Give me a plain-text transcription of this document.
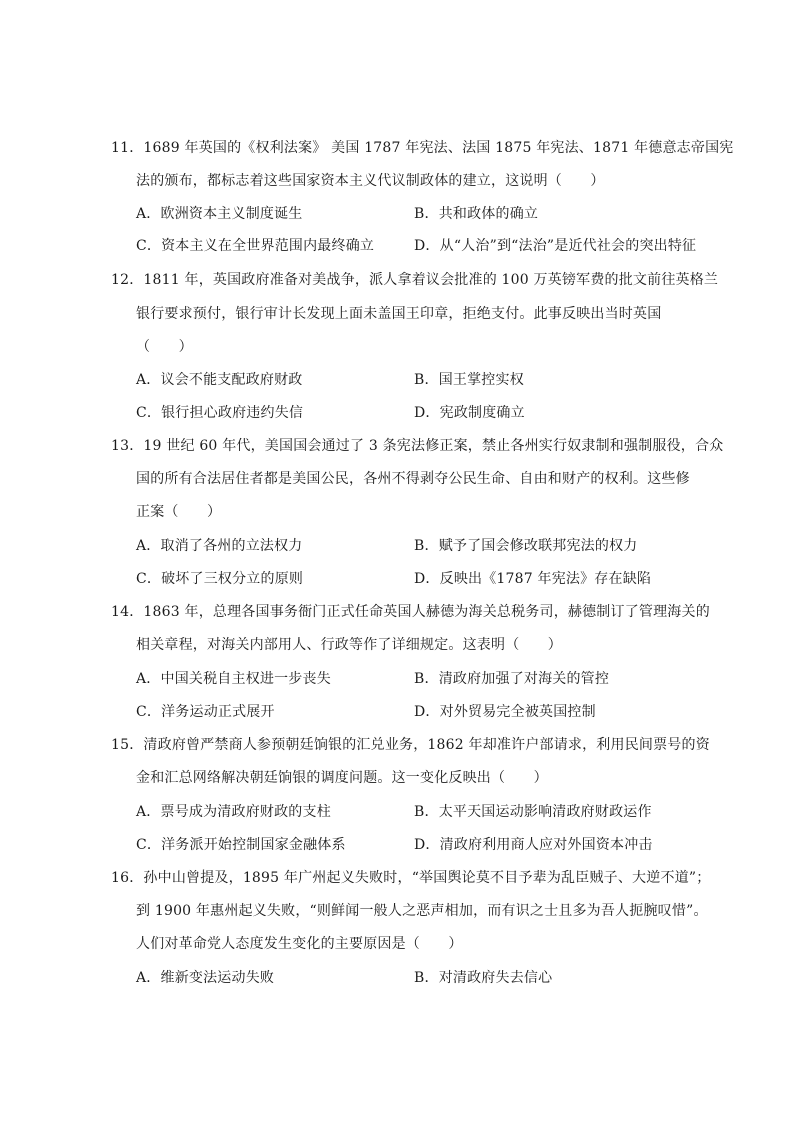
11．1689 年英国的《权利法案》 美国 1787 年宪法、法国 1875 年宪法、1871 年德意志帝国宪
法的颁布，都标志着这些国家资本主义代议制政体的建立，这说明（　　）
A．欧洲资本主义制度诞生	B．共和政体的确立
C．资本主义在全世界范围内最终确立	D．从“人治”到“法治”是近代社会的突出特征
12．1811 年，英国政府准备对美战争，派人拿着议会批准的 100 万英镑军费的批文前往英格兰
银行要求预付，银行审计长发现上面未盖国王印章，拒绝支付。此事反映出当时英国
（　　）
A．议会不能支配政府财政	B．国王掌控实权
C．银行担心政府违约失信	D．宪政制度确立
13．19 世纪 60 年代，美国国会通过了 3 条宪法修正案，禁止各州实行奴隶制和强制服役，合众
国的所有合法居住者都是美国公民，各州不得剥夺公民生命、自由和财产的权利。这些修
正案（　　）
A．取消了各州的立法权力	B．赋予了国会修改联邦宪法的权力
C．破坏了三权分立的原则	D．反映出《1787 年宪法》存在缺陷
14．1863 年，总理各国事务衙门正式任命英国人赫德为海关总税务司，赫德制订了管理海关的
相关章程，对海关内部用人、行政等作了详细规定。这表明（　　）
A．中国关税自主权进一步丧失	B．清政府加强了对海关的管控
C．洋务运动正式展开	D．对外贸易完全被英国控制
15．清政府曾严禁商人参预朝廷饷银的汇兑业务，1862 年却准许户部请求，利用民间票号的资
金和汇总网络解决朝廷饷银的调度问题。这一变化反映出（　　）
A．票号成为清政府财政的支柱	B．太平天国运动影响清政府财政运作
C．洋务派开始控制国家金融体系	D．清政府利用商人应对外国资本冲击
16．孙中山曾提及，1895 年广州起义失败时，“举国舆论莫不目予辈为乱臣贼子、大逆不道”；
到 1900 年惠州起义失败，“则鲜闻一般人之恶声相加，而有识之士且多为吾人扼腕叹惜”。
人们对革命党人态度发生变化的主要原因是（　　）
A．维新变法运动失败	B．对清政府失去信心
